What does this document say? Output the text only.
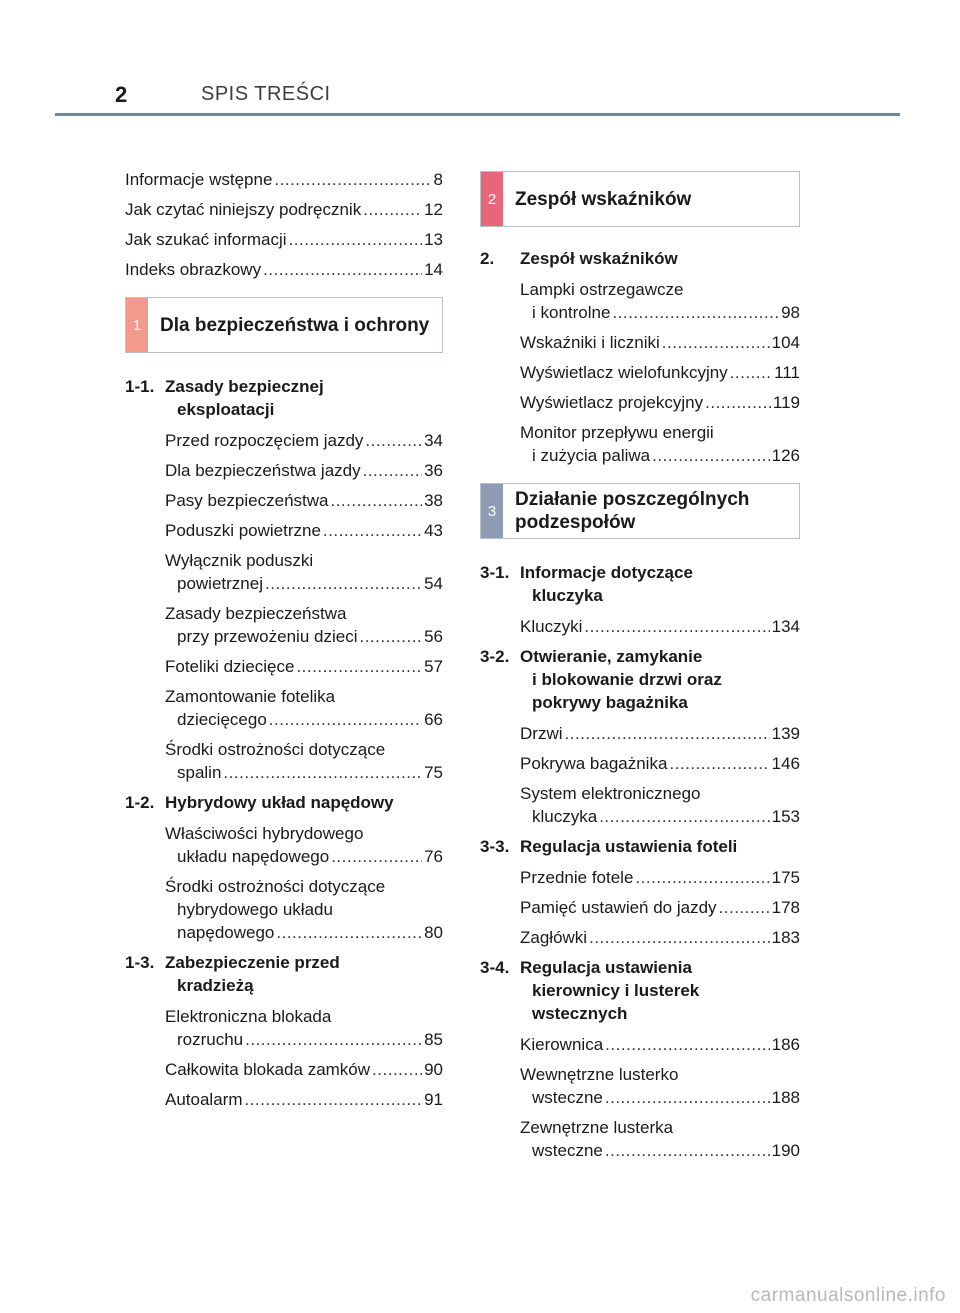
2	SPIS TREŚCI
Informacje wstępne .....	8
Jak czytać niniejszy podręcznik .....	12
Jak szukać informacji .....	13
Indeks obrazkowy .....	14
1 Dla bezpieczeństwa i ochrony
1-1. Zasady bezpiecznej
eksploatacji
Przed rozpoczęciem jazdy .....	34
Dla bezpieczeństwa jazdy .....	36
Pasy bezpieczeństwa .....	38
Poduszki powietrzne .....	43
Wyłącznik poduszki
powietrznej .....	54
Zasady bezpieczeństwa
przy przewożeniu dzieci .....	56
Foteliki dziecięce .....	57
Zamontowanie fotelika
dziecięcego .....	66
Środki ostrożności dotyczące
spalin .....	75
1-2. Hybrydowy układ napędowy
Właściwości hybrydowego
układu napędowego .....	76
Środki ostrożności dotyczące
hybrydowego układu
napędowego .....	80
1-3. Zabezpieczenie przed
kradzieżą
Elektroniczna blokada
rozruchu .....	85
Całkowita blokada zamków .....	90
Autoalarm .....	91
2 Zespół wskaźników
2.	Zespół wskaźników
Lampki ostrzegawcze
i kontrolne .....	98
Wskaźniki i liczniki .....	104
Wyświetlacz wielofunkcyjny .....	111
Wyświetlacz projekcyjny .....	119
Monitor przepływu energii
i zużycia paliwa .....	126
3
Działanie poszczególnych
podzespołów
3-1. Informacje dotyczące
kluczyka
Kluczyki .....	134
3-2. Otwieranie, zamykanie
i blokowanie drzwi oraz
pokrywy bagażnika
Drzwi .....	139
Pokrywa bagażnika .....	146
System elektronicznego
kluczyka .....	153
3-3. Regulacja ustawienia foteli
Przednie fotele .....	175
Pamięć ustawień do jazdy .....	178
Zagłówki .....	183
3-4. Regulacja ustawienia
kierownicy i lusterek
wstecznych
Kierownica .....	186
Wewnętrzne lusterko
wsteczne .....	188
Zewnętrzne lusterka
wsteczne .....	190
carmanualsonline.info
